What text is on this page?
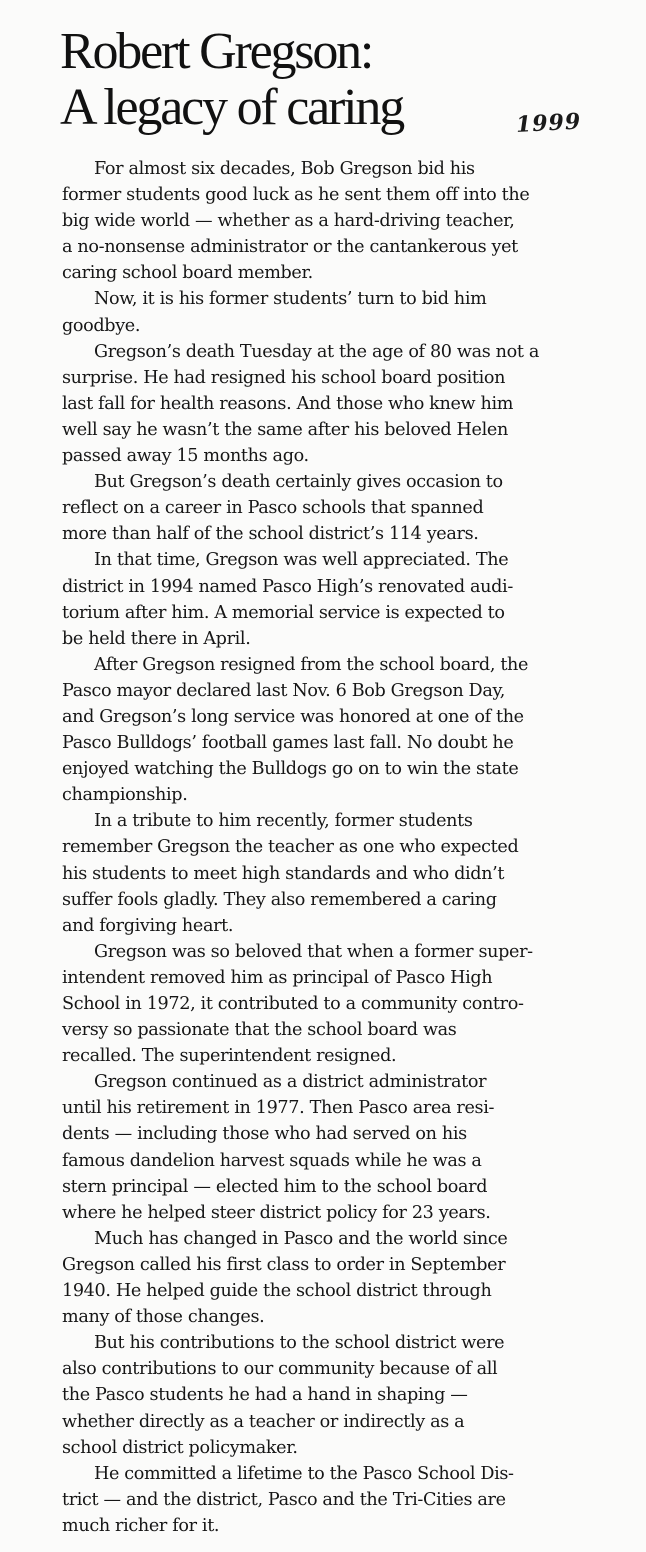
Robert Gregson:
A legacy of caring	1999

For almost six decades, Bob Gregson bid his
former students good luck as he sent them off into the
big wide world — whether as a hard-driving teacher,
a no-nonsense administrator or the cantankerous yet
caring school board member.

Now, it is his former students’ turn to bid him
goodbye.

Gregson’s death Tuesday at the age of 80 was not a
surprise. He had resigned his school board position
last fall for health reasons. And those who knew him
well say he wasn’t the same after his beloved Helen
passed away 15 months ago.

But Gregson’s death certainly gives occasion to
reflect on a career in Pasco schools that spanned
more than half of the school district’s 114 years.

In that time, Gregson was well appreciated. The
district in 1994 named Pasco High’s renovated audi-
torium after him. A memorial service is expected to
be held there in April.

After Gregson resigned from the school board, the
Pasco mayor declared last Nov. 6 Bob Gregson Day,
and Gregson’s long service was honored at one of the
Pasco Bulldogs’ football games last fall. No doubt he
enjoyed watching the Bulldogs go on to win the state
championship.

In a tribute to him recently, former students
remember Gregson the teacher as one who expected
his students to meet high standards and who didn’t
suffer fools gladly. They also remembered a caring
and forgiving heart.

Gregson was so beloved that when a former super-
intendent removed him as principal of Pasco High
School in 1972, it contributed to a community contro-
versy so passionate that the school board was
recalled. The superintendent resigned.

Gregson continued as a district administrator
until his retirement in 1977. Then Pasco area resi-
dents — including those who had served on his
famous dandelion harvest squads while he was a
stern principal — elected him to the school board
where he helped steer district policy for 23 years.

Much has changed in Pasco and the world since
Gregson called his first class to order in September
1940. He helped guide the school district through
many of those changes.

But his contributions to the school district were
also contributions to our community because of all
the Pasco students he had a hand in shaping —
whether directly as a teacher or indirectly as a
school district policymaker.

He committed a lifetime to the Pasco School Dis-
trict — and the district, Pasco and the Tri-Cities are
much richer for it.
